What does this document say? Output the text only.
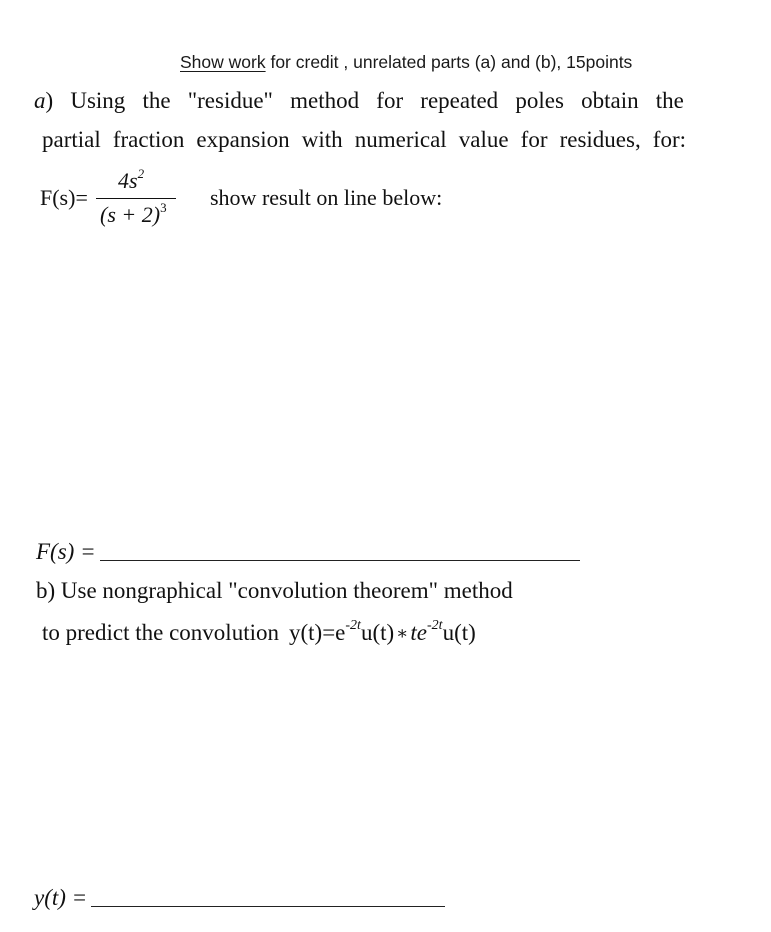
Show work for credit , unrelated parts (a) and (b), 15points
a) Using the "residue" method for repeated poles obtain the
partial fraction expansion with numerical value for residues, for:
F(s)=
$4s^2$
$(s + 2)^3$ show result on line below:
F(s) =
b) Use nongraphical "convolution theorem" method
to predict the convolution $y(t)=e^{-2t}u(t)$ $∗te^{-2t}u(t)$
y(t) =
